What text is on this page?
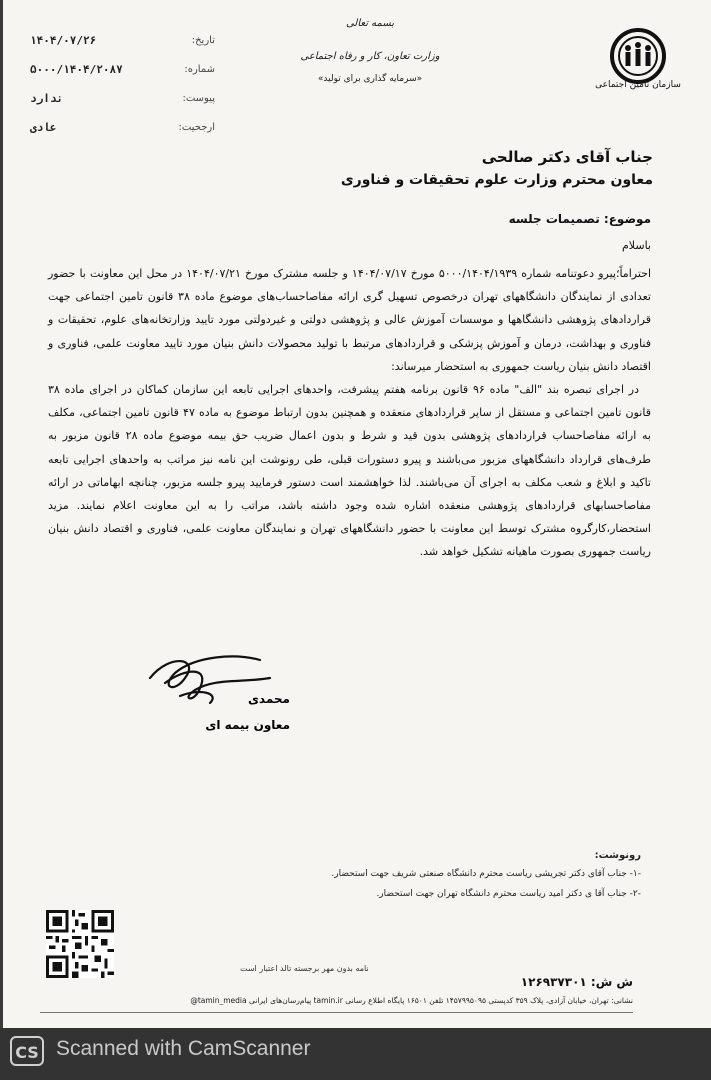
تاریخ:
۱۴۰۴/۰۷/۲۶
شماره:
۵۰۰۰/۱۴۰۴/۲۰۸۷
پیوست:
ندارد
ارجحیت:
عادی
بسمه تعالی
وزارت تعاون، کار و رفاه اجتماعی
«سرمایه گذاری برای تولید»
سازمان تامین اجتماعی
جناب آقای دکتر صالحی
معاون محترم وزارت علوم تحقیقات و فناوری
موضوع: تصمیمات جلسه
باسلام

احتراماً؛پیرو دعوتنامه شماره ۵۰۰۰/۱۴۰۴/۱۹۳۹ مورخ ۱۴۰۴/۰۷/۱۷ و جلسه مشترک مورخ ۱۴۰۴/۰۷/۲۱ در محل این معاونت با حضور تعدادی از نمایندگان دانشگاههای تهران درخصوص تسهیل گری ارائه مفاصاحساب‌های موضوع ماده ۳۸ قانون تامین اجتماعی جهت قراردادهای پژوهشی دانشگاهها و موسسات آموزش عالی و پژوهشی دولتی و غیردولتی مورد تایید وزارتخانه‌های علوم، تحقیقات و فناوری و بهداشت، درمان و آموزش پزشکی و قراردادهای مرتبط با تولید محصولات دانش بنیان مورد تایید معاونت علمی، فناوری و اقتصاد دانش بنیان ریاست جمهوری به استحضار میرساند:

در اجرای تبصره بند "الف" ماده ۹۶ قانون برنامه هفتم پیشرفت، واحدهای اجرایی تابعه این سازمان کماکان در اجرای ماده ۳۸ قانون تامین اجتماعی و مستقل از سایر قراردادهای منعقده و همچنین بدون ارتباط موضوع به ماده ۴۷ قانون تامین اجتماعی، مکلف به ارائه مفاصاحساب قراردادهای پژوهشی بدون قید و شرط و بدون اعمال ضریب حق بیمه موضوع ماده ۲۸ قانون مزبور به طرف‌های قرارداد دانشگاههای مزبور می‌باشند و پیرو دستورات قبلی، طی رونوشت این نامه نیز مراتب به واحدهای اجرایی تابعه تاکید و ابلاغ و شعب مکلف به اجرای آن می‌باشند. لذا خواهشمند است دستور فرمایید پیرو جلسه مزبور، چنانچه ابهاماتی در ارائه مفاصاحسابهای قراردادهای پژوهشی منعقده اشاره شده وجود داشته باشد، مراتب را به این معاونت اعلام نمایند. مزید استحضار،کارگروه مشترک توسط این معاونت با حضور دانشگاههای تهران و نمایندگان معاونت علمی، فناوری و اقتصاد دانش بنیان ریاست جمهوری بصورت ماهیانه تشکیل خواهد شد.

محمدی
معاون بیمه ای
رونوشت:
-۱- جناب آقای دکتر تجریشی ریاست محترم دانشگاه صنعتی شریف جهت استحضار.
-۲- جناب آقا ی دکتر امید ریاست محترم دانشگاه تهران جهت استحضار.
نامه بدون مهر برجسته تالد اعتبار است
ش ش: ۱۲۶۹۳۷۳۰۱
نشانی: تهران، خیابان آزادی، پلاک ۳۵۹ کدپستی ۱۴۵۷۹۹۵۰۹۵ تلفن ۱۶۵۰۱ پایگاه اطلاع رسانی tamin.ir پیام‌رسان‌های ایرانی tamin_media@
CS Scanned with CamScanner
